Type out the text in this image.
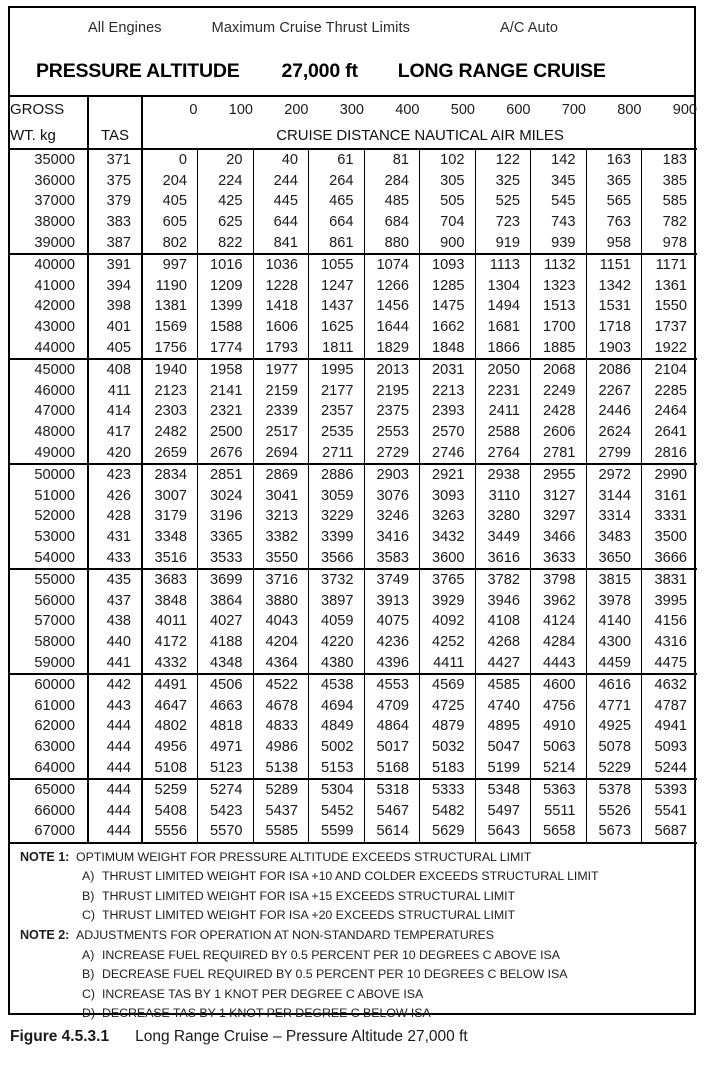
All Engines	Maximum Cruise Thrust Limits	A/C Auto
PRESSURE ALTITUDE 27,000 ft LONG RANGE CRUISE
GROSS		0	100	200	300	400	500	600	700	800	900
WT. kg	TAS	CRUISE DISTANCE NAUTICAL AIR MILES									
35000	371	0	20	40	61	81	102	122	142	163	183
36000	375	204	224	244	264	284	305	325	345	365	385
37000	379	405	425	445	465	485	505	525	545	565	585
38000	383	605	625	644	664	684	704	723	743	763	782
39000	387	802	822	841	861	880	900	919	939	958	978
40000	391	997	1016	1036	1055	1074	1093	1113	1132	1151	1171
41000	394	1190	1209	1228	1247	1266	1285	1304	1323	1342	1361
42000	398	1381	1399	1418	1437	1456	1475	1494	1513	1531	1550
43000	401	1569	1588	1606	1625	1644	1662	1681	1700	1718	1737
44000	405	1756	1774	1793	1811	1829	1848	1866	1885	1903	1922
45000	408	1940	1958	1977	1995	2013	2031	2050	2068	2086	2104
46000	411	2123	2141	2159	2177	2195	2213	2231	2249	2267	2285
47000	414	2303	2321	2339	2357	2375	2393	2411	2428	2446	2464
48000	417	2482	2500	2517	2535	2553	2570	2588	2606	2624	2641
49000	420	2659	2676	2694	2711	2729	2746	2764	2781	2799	2816
50000	423	2834	2851	2869	2886	2903	2921	2938	2955	2972	2990
51000	426	3007	3024	3041	3059	3076	3093	3110	3127	3144	3161
52000	428	3179	3196	3213	3229	3246	3263	3280	3297	3314	3331
53000	431	3348	3365	3382	3399	3416	3432	3449	3466	3483	3500
54000	433	3516	3533	3550	3566	3583	3600	3616	3633	3650	3666
55000	435	3683	3699	3716	3732	3749	3765	3782	3798	3815	3831
56000	437	3848	3864	3880	3897	3913	3929	3946	3962	3978	3995
57000	438	4011	4027	4043	4059	4075	4092	4108	4124	4140	4156
58000	440	4172	4188	4204	4220	4236	4252	4268	4284	4300	4316
59000	441	4332	4348	4364	4380	4396	4411	4427	4443	4459	4475
60000	442	4491	4506	4522	4538	4553	4569	4585	4600	4616	4632
61000	443	4647	4663	4678	4694	4709	4725	4740	4756	4771	4787
62000	444	4802	4818	4833	4849	4864	4879	4895	4910	4925	4941
63000	444	4956	4971	4986	5002	5017	5032	5047	5063	5078	5093
64000	444	5108	5123	5138	5153	5168	5183	5199	5214	5229	5244
65000	444	5259	5274	5289	5304	5318	5333	5348	5363	5378	5393
66000	444	5408	5423	5437	5452	5467	5482	5497	5511	5526	5541
67000	444	5556	5570	5585	5599	5614	5629	5643	5658	5673	5687
NOTE 1: OPTIMUM WEIGHT FOR PRESSURE ALTITUDE EXCEEDS STRUCTURAL LIMIT
A) THRUST LIMITED WEIGHT FOR ISA +10 AND COLDER EXCEEDS STRUCTURAL LIMIT
B) THRUST LIMITED WEIGHT FOR ISA +15 EXCEEDS STRUCTURAL LIMIT
C) THRUST LIMITED WEIGHT FOR ISA +20 EXCEEDS STRUCTURAL LIMIT
NOTE 2: ADJUSTMENTS FOR OPERATION AT NON-STANDARD TEMPERATURES
A) INCREASE FUEL REQUIRED BY 0.5 PERCENT PER 10 DEGREES C ABOVE ISA
B) DECREASE FUEL REQUIRED BY 0.5 PERCENT PER 10 DEGREES C BELOW ISA
C) INCREASE TAS BY 1 KNOT PER DEGREE C ABOVE ISA
D) DECREASE TAS BY 1 KNOT PER DEGREE C BELOW ISA
Figure 4.5.3.1 Long Range Cruise – Pressure Altitude 27,000 ft
